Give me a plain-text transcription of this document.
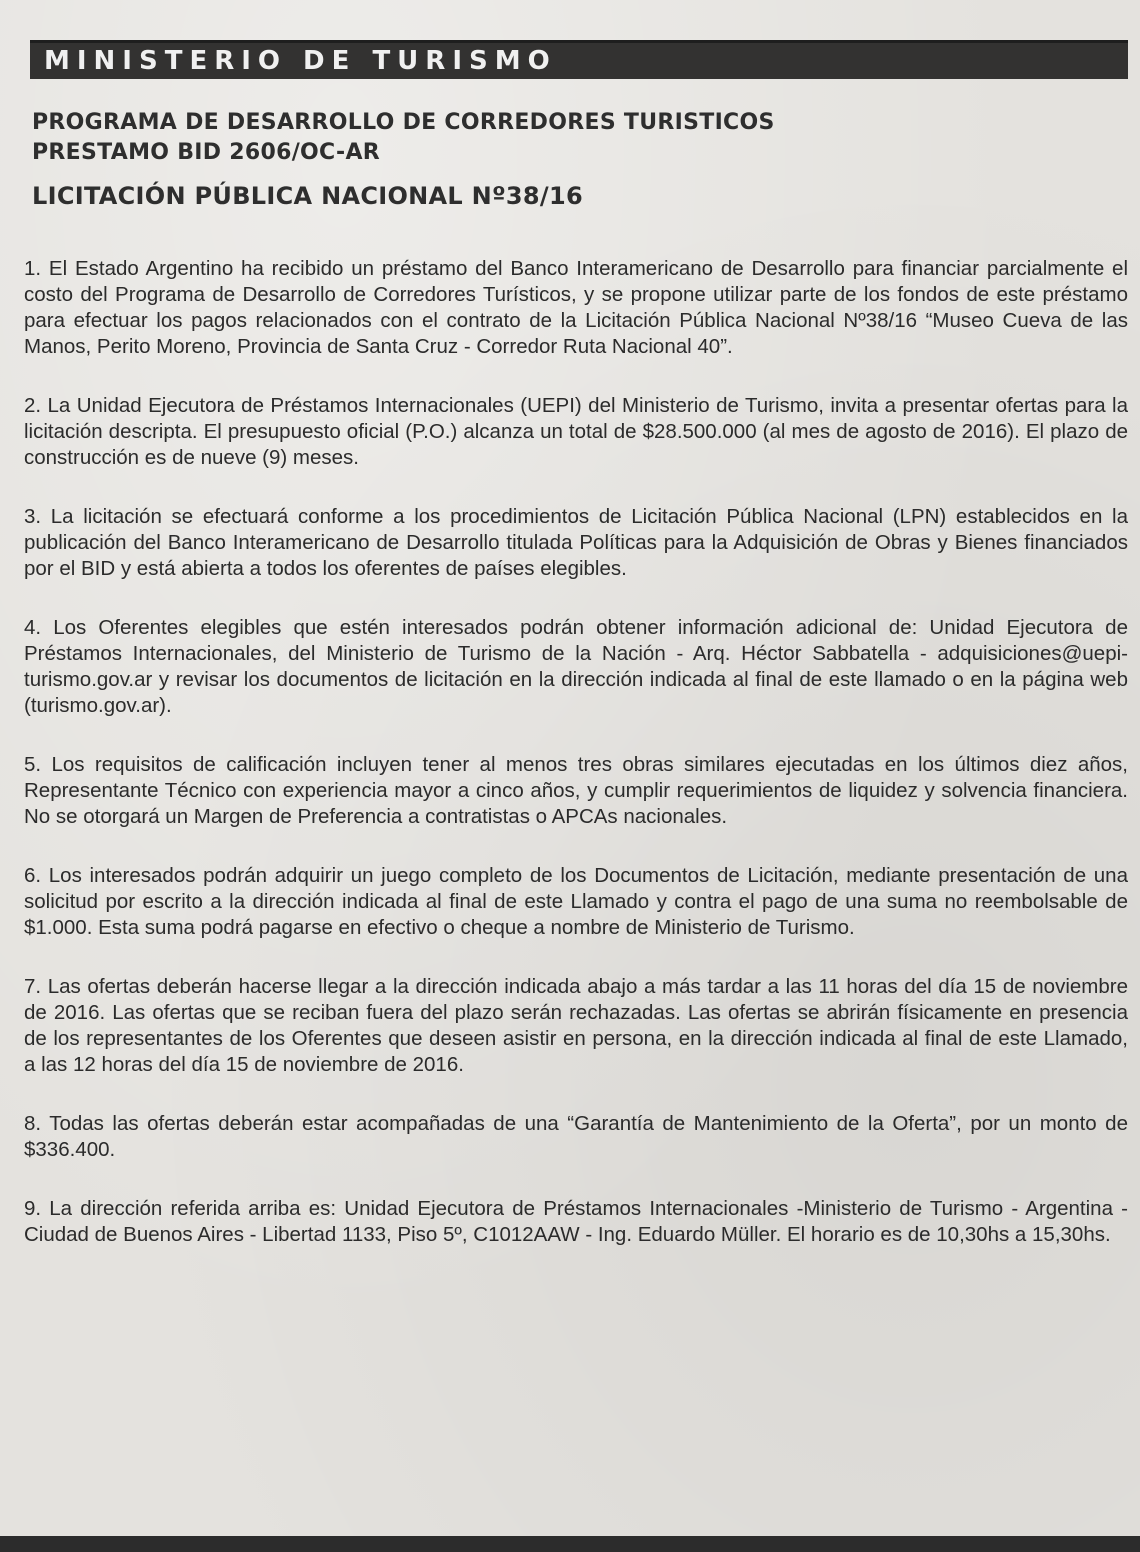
MINISTERIO DE TURISMO
PROGRAMA DE DESARROLLO DE CORREDORES TURISTICOS
PRESTAMO BID 2606/OC-AR
LICITACIÓN PÚBLICA NACIONAL Nº38/16

1. El Estado Argentino ha recibido un préstamo del Banco Interamericano de Desarrollo para financiar parcialmente el costo del Programa de Desarrollo de Corredores Turísticos, y se propone utilizar parte de los fondos de este préstamo para efectuar los pagos relacionados con el contrato de la Licitación Pública Nacional Nº38/16 “Museo Cueva de las Manos, Perito Moreno, Provincia de Santa Cruz - Corredor Ruta Nacional 40”.

2. La Unidad Ejecutora de Préstamos Internacionales (UEPI) del Ministerio de Turismo, invita a presentar ofertas para la licitación descripta. El presupuesto oficial (P.O.) alcanza un total de $28.500.000 (al mes de agosto de 2016). El plazo de construcción es de nueve (9) meses.

3. La licitación se efectuará conforme a los procedimientos de Licitación Pública Nacional (LPN) establecidos en la publicación del Banco Interamericano de Desarrollo titulada Políticas para la Adquisición de Obras y Bienes financiados por el BID y está abierta a todos los oferentes de países elegibles.

4. Los Oferentes elegibles que estén interesados podrán obtener información adicional de: Unidad Ejecutora de Préstamos Internacionales, del Ministerio de Turismo de la Nación - Arq. Héctor Sabbatella - adquisiciones@uepi-turismo.gov.ar y revisar los documentos de licitación en la dirección indicada al final de este llamado o en la página web (turismo.gov.ar).

5. Los requisitos de calificación incluyen tener al menos tres obras similares ejecutadas en los últimos diez años, Representante Técnico con experiencia mayor a cinco años, y cumplir requerimientos de liquidez y solvencia financiera. No se otorgará un Margen de Preferencia a contratistas o APCAs nacionales.

6. Los interesados podrán adquirir un juego completo de los Documentos de Licitación, mediante presentación de una solicitud por escrito a la dirección indicada al final de este Llamado y contra el pago de una suma no reembolsable de $1.000. Esta suma podrá pagarse en efectivo o cheque a nombre de Ministerio de Turismo.

7. Las ofertas deberán hacerse llegar a la dirección indicada abajo a más tardar a las 11 horas del día 15 de noviembre de 2016. Las ofertas que se reciban fuera del plazo serán rechazadas. Las ofertas se abrirán físicamente en presencia de los representantes de los Oferentes que deseen asistir en persona, en la dirección indicada al final de este Llamado, a las 12 horas del día 15 de noviembre de 2016.

8. Todas las ofertas deberán estar acompañadas de una “Garantía de Mantenimiento de la Oferta”, por un monto de $336.400.

9. La dirección referida arriba es: Unidad Ejecutora de Préstamos Internacionales -Ministerio de Turismo - Argentina - Ciudad de Buenos Aires - Libertad 1133, Piso 5º, C1012AAW - Ing. Eduardo Müller. El horario es de 10,30hs a 15,30hs.
